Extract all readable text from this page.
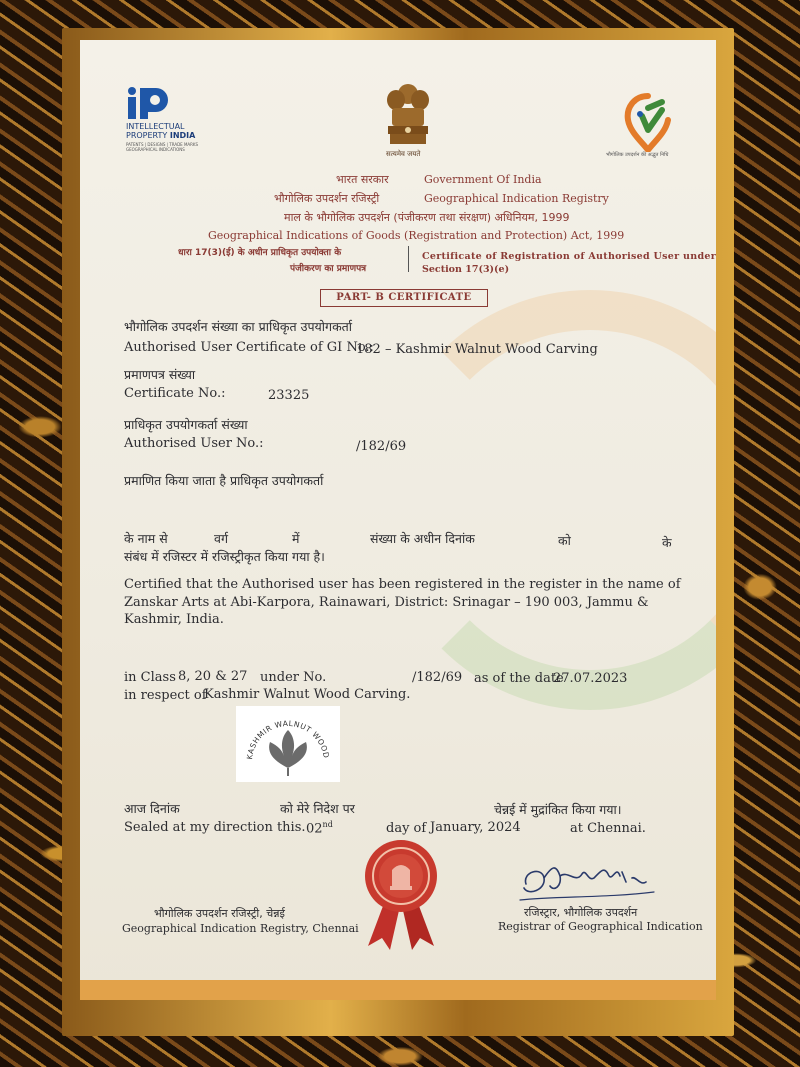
INTELLECTUAL
PROPERTY INDIA
PATENTS | DESIGNS | TRADE MARKS GEOGRAPHICAL INDICATIONS
सत्यमेव जयते	भौगोलिक उपदर्शन की अद्भुत निधि
भारत सरकार	Government Of India
भौगोलिक उपदर्शन रजिस्ट्री	Geographical Indication Registry
माल के भौगोलिक उपदर्शन (पंजीकरण तथा संरक्षण) अधिनियम, 1999
Geographical Indications of Goods (Registration and Protection) Act, 1999
धारा 17(3)(ई) के अधीन प्राधिकृत उपयोक्ता के
पंजीकरण का प्रमाणपत्र
Certificate of Registration of Authorised User under
Section 17(3)(e)
PART- B CERTIFICATE
भौगोलिक उपदर्शन संख्या का प्राधिकृत उपयोगकर्ता
Authorised User Certificate of GI No.:
182 – Kashmir Walnut Wood Carving
प्रमाणपत्र संख्या
Certificate No.:	23325
प्राधिकृत उपयोगकर्ता संख्या
Authorised User No.:	/182/69
प्रमाणित किया जाता है प्राधिकृत उपयोगकर्ता
के नाम से	वर्ग	में	संख्या के अधीन दिनांक	को	के
संबंध में रजिस्टर में रजिस्ट्रीकृत किया गया है।
Certified that the Authorised user has been registered in the register in the name of
Zanskar Arts at Abi-Karpora, Rainawari, District: Srinagar – 190 003, Jammu &
Kashmir, India.
in Class 8, 20 & 27 under No.	/182/69 as of the date
27.07.2023
in respect of
Kashmir Walnut Wood Carving.
KASHMIR WALNUT WOOD
आज दिनांक	को मेरे निदेश पर	चेन्नई में मुद्रांकित किया गया।
Sealed at my direction this. 02nd	day of January, 2024	at Chennai.
भौगोलिक उपदर्शन रजिस्ट्री, चेन्नई
Geographical Indication Registry, Chennai
रजिस्ट्रार, भौगोलिक उपदर्शन
Registrar of Geographical Indication
